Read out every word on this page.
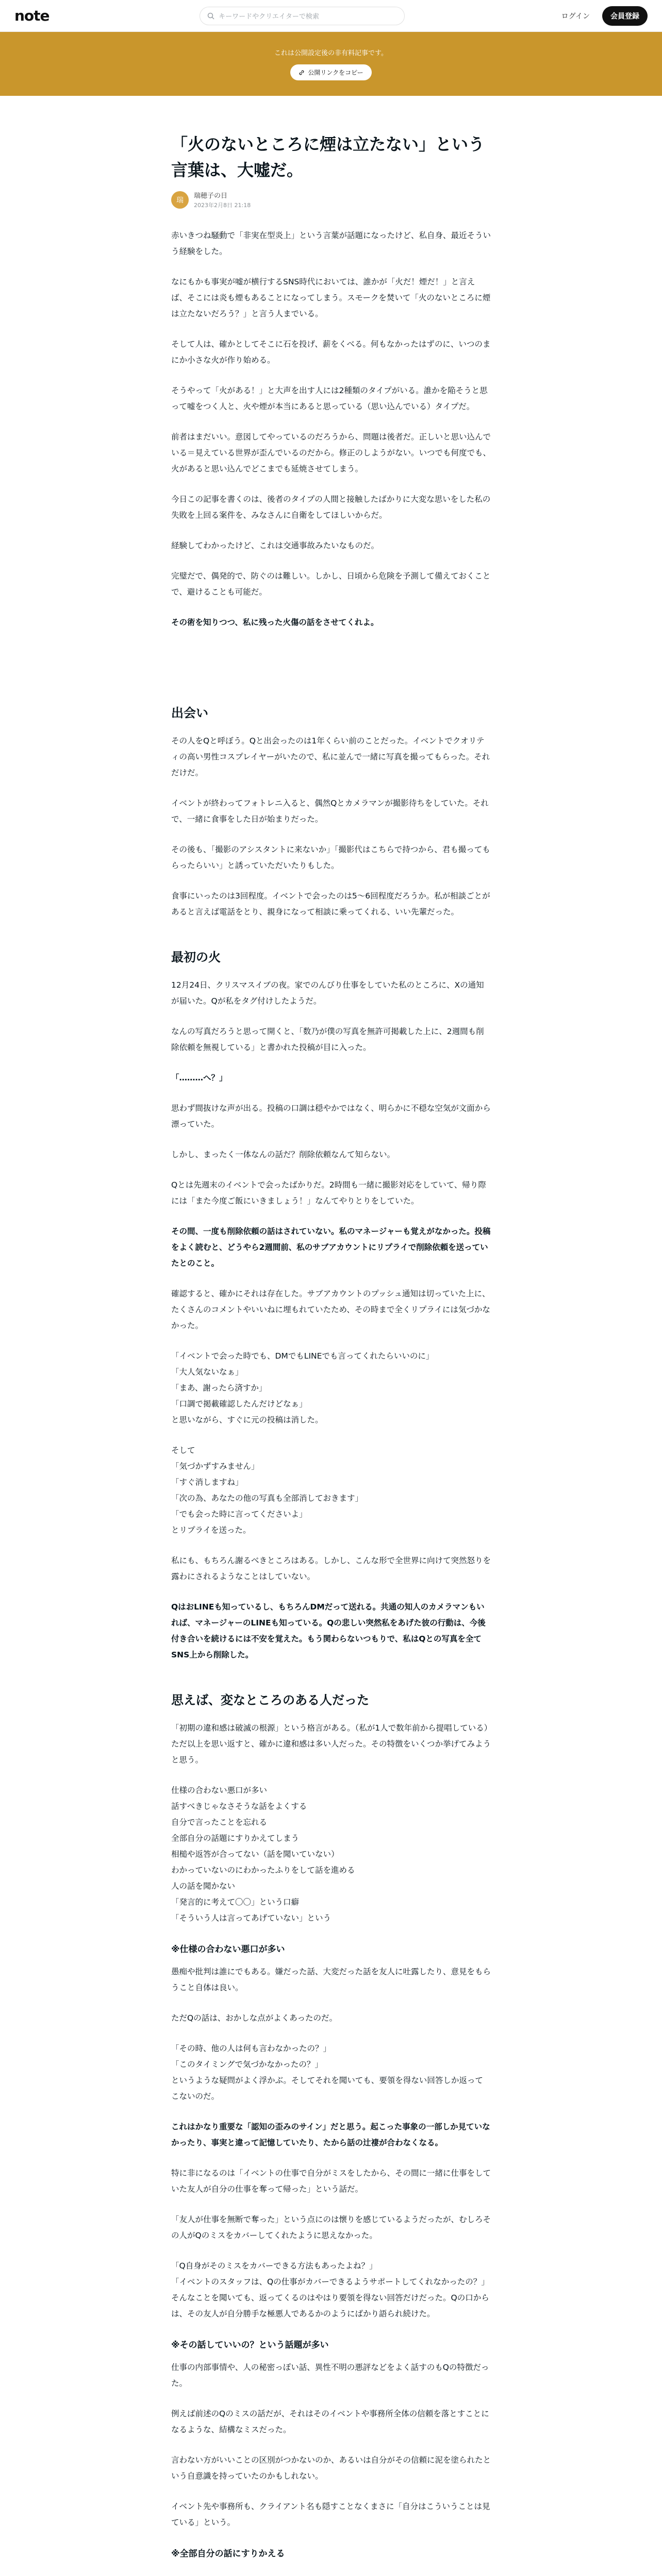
note	キーワードやクリエイターで検索	ログイン	会員登録
これは公開設定後の非有料記事です。
公開リンクをコピー
「火のないところに煙は立たない」という言葉は、大嘘だ。
瑞	瑞穂子の日
2023年2月8日 21:18

赤いきつね騒動で「非実在型炎上」という言葉が話題になったけど、私自身、最近そういう経験をした。

なにもかも事実が嘘が横行するSNS時代においては、誰かが「火だ！煙だ！」と言えば、そこには炎も煙もあることになってしまう。スモークを焚いて「火のないところに煙は立たないだろう？」と言う人までいる。

そして人は、確かとしてそこに石を投げ、薪をくべる。何もなかったはずのに、いつのまにか小さな火が作り始める。

そうやって「火がある！」と大声を出す人には2種類のタイプがいる。誰かを陥そうと思って嘘をつく人と、火や煙が本当にあると思っている（思い込んでいる）タイプだ。

前者はまだいい。意図してやっているのだろうから、問題は後者だ。正しいと思い込んでいる＝見えている世界が歪んでいるのだから。修正のしようがない。いつでも何度でも、火があると思い込んでどこまでも延焼させてしまう。

今日この記事を書くのは、後者のタイプの人間と接触したばかりに大変な思いをした私の失敗を上回る案件を、みなさんに自衛をしてほしいからだ。

経験してわかったけど、これは交通事故みたいなものだ。

完璧だで、偶発的で、防ぐのは難しい。しかし、日頃から危険を予測して備えておくことで、避けることも可能だ。

その術を知りつつ、私に残った火傷の話をさせてくれよ。

出会い

その人をQと呼ぼう。Qと出会ったのは1年くらい前のことだった。イベントでクオリティの高い男性コスプレイヤーがいたので、私に並んで一緒に写真を撮ってもらった。それだけだ。

イベントが終わってフォトレニ入ると、偶然Qとカメラマンが撮影待ちをしていた。それで、一緒に食事をした日が始まりだった。

その後も、「撮影のアシスタントに来ないか」「撮影代はこちらで持つから、君も撮ってもらったらいい」と誘っていただいたりもした。

食事にいったのは3回程度。イベントで会ったのは5〜6回程度だろうか。私が相談ごとがあると言えば電話をとり、親身になって相談に乗ってくれる、いい先輩だった。

最初の火

12月24日、クリスマスイブの夜。家でのんびり仕事をしていた私のところに、Xの通知が届いた。Qが私をタグ付けしたようだ。

なんの写真だろうと思って開くと、「数乃が僕の写真を無許可掲載した上に、2週間も削除依頼を無視している」と書かれた投稿が目に入った。

「………へ？」

思わず間抜けな声が出る。投稿の口調は穏やかではなく、明らかに不穏な空気が文面から漂っていた。

しかし、まったく一体なんの話だ？削除依頼なんて知らない。

Qとは先週末のイベントで会ったばかりだ。2時間も一緒に撮影対応をしていて、帰り際には「また今度ご飯にいきましょう！」なんてやりとりをしていた。

その間、一度も削除依頼の話はされていない。私のマネージャーも覚えがなかった。投稿をよく読むと、どうやら2週間前、私のサブアカウントにリプライで削除依頼を送っていたとのこと。

確認すると、確かにそれは存在した。サブアカウントのプッシュ通知は切っていた上に、たくさんのコメントやいいねに埋もれていたため、その時まで全くリプライには気づかなかった。

「イベントで会った時でも、DMでもLINEでも言ってくれたらいいのに」
「大人気ないなぁ」
「まあ、謝ったら済すか」
「口調で掲載確認したんだけどなぁ」
と思いながら、すぐに元の投稿は消した。

そして
「気づかずすみません」
「すぐ消しますね」
「次の為、あなたの他の写真も全部消しておきます」
「でも会った時に言ってくださいよ」
とリプライを送った。

私にも、もちろん謝るべきところはある。しかし、こんな形で全世界に向けて突然怒りを露わにされるようなことはしていない。

QはおLINEも知っているし、もちろんDMだって送れる。共通の知人のカメラマンもいれば、マネージャーのLINEも知っている。Qの悲しい突然私をあげた彼の行動は、今後付き合いを続けるには不安を覚えた。もう関わらないつもりで、私はQとの写真を全てSNS上から削除した。

思えば、変なところのある人だった

「初期の違和感は破滅の根源」という格言がある。（私が1人で数年前から提唱している）ただ以上を思い返すと、確かに違和感は多い人だった。その特徴をいくつか挙げてみようと思う。

仕様の合わない悪口が多い
話すべきじゃなさそうな話をよくする
自分で言ったことを忘れる
全部自分の話題にすりかえてしまう
相槌や返答が合ってない（話を聞いていない）
わかっていないのにわかったふりをして話を進める
人の話を聞かない
「発言的に考えて〇〇」という口癖
「そういう人は言ってあげていない」という

※仕様の合わない悪口が多い

愚痴や批判は誰にでもある。嫌だった話、大変だった話を友人に吐露したり、意見をもらうこと自体は良い。

ただQの話は、おかしな点がよくあったのだ。

「その時、他の人は何も言わなかったの？」
「このタイミングで気づかなかったの？」
というような疑問がよく浮かぶ。そしてそれを聞いても、要領を得ない回答しか返ってこないのだ。

これはかなり重要な「認知の歪みのサイン」だと思う。起こった事象の一部しか見ていなかったり、事実と違って記憶していたり、たから話の辻褄が合わなくなる。

特に非になるのは「イベントの仕事で自分がミスをしたから、その間に一緒に仕事をしていた友人が自分の仕事を奪って帰った」という話だ。

「友人が仕事を無断で奪った」という点にのは懐りを感じているようだったが、むしろその人がQのミスをカバーしてくれたように思えなかった。

「Q自身がそのミスをカバーできる方法もあったよね？」
「イベントのスタッフは、Qの仕事がカバーできるようサポートしてくれなかったの？」
そんなことを聞いても、返ってくるのはやはり要領を得ない回答だけだった。Qの口からは、その友人が自分勝手な極悪人であるかのようにばかり語られ続けた。

※その話していいの？という話題が多い

仕事の内部事情や、人の秘密っぽい話、異性不明の悪評などをよく話すのもQの特徴だった。

例えば前述のQのミスの話だが、それはそのイベントや事務所全体の信頼を落とすことになるような、結構なミスだった。

言わない方がいいことの区別がつかないのか、あるいは自分がその信頼に泥を塗られたという自意識を持っていたのかもしれない。

イベント先や事務所も、クライアント名も隠すことなくまさに「自分はこういうことは見ている」という。

※全部自分の話にすりかえる
